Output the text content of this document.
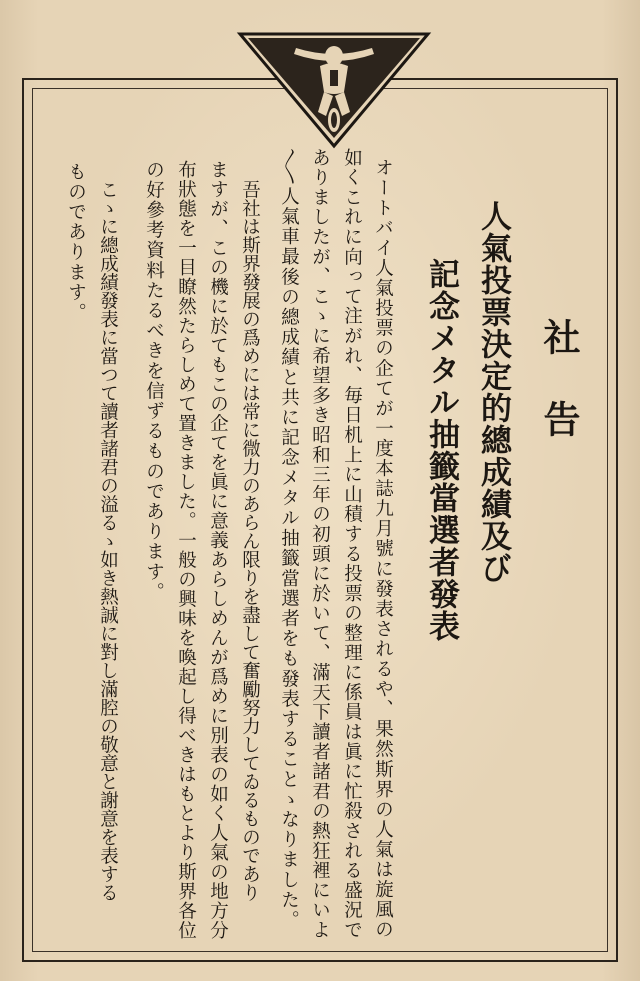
社　告
人氣投票決定的總成績及び
記念メタル抽籤當選者發表
オートバイ人氣投票の企てが一度本誌九月號に發表されるや、果然斯界の人氣は旋風の
如くこれに向って注がれ、毎日机上に山積する投票の整理に係員は眞に忙殺される盛況で
ありましたが、こゝに希望多き昭和三年の初頭に於いて、滿天下讀者諸君の熱狂裡にいよ
〳〵人氣車最後の總成績と共に記念メタル抽籤當選者をも發表することゝなりました。
吾社は斯界發展の爲めには常に微力のあらん限りを盡して奮勵努力してゐるものであり
ますが、この機に於てもこの企てを眞に意義あらしめんが爲めに別表の如く人氣の地方分
布狀態を一目瞭然たらしめて置きました。一般の興味を喚起し得べきはもとより斯界各位
の好參考資料たるべきを信ずるものであります。
こゝに總成績發表に當つて讀者諸君の溢るゝ如き熱誠に對し滿腔の敬意と謝意を表する
ものであります。
